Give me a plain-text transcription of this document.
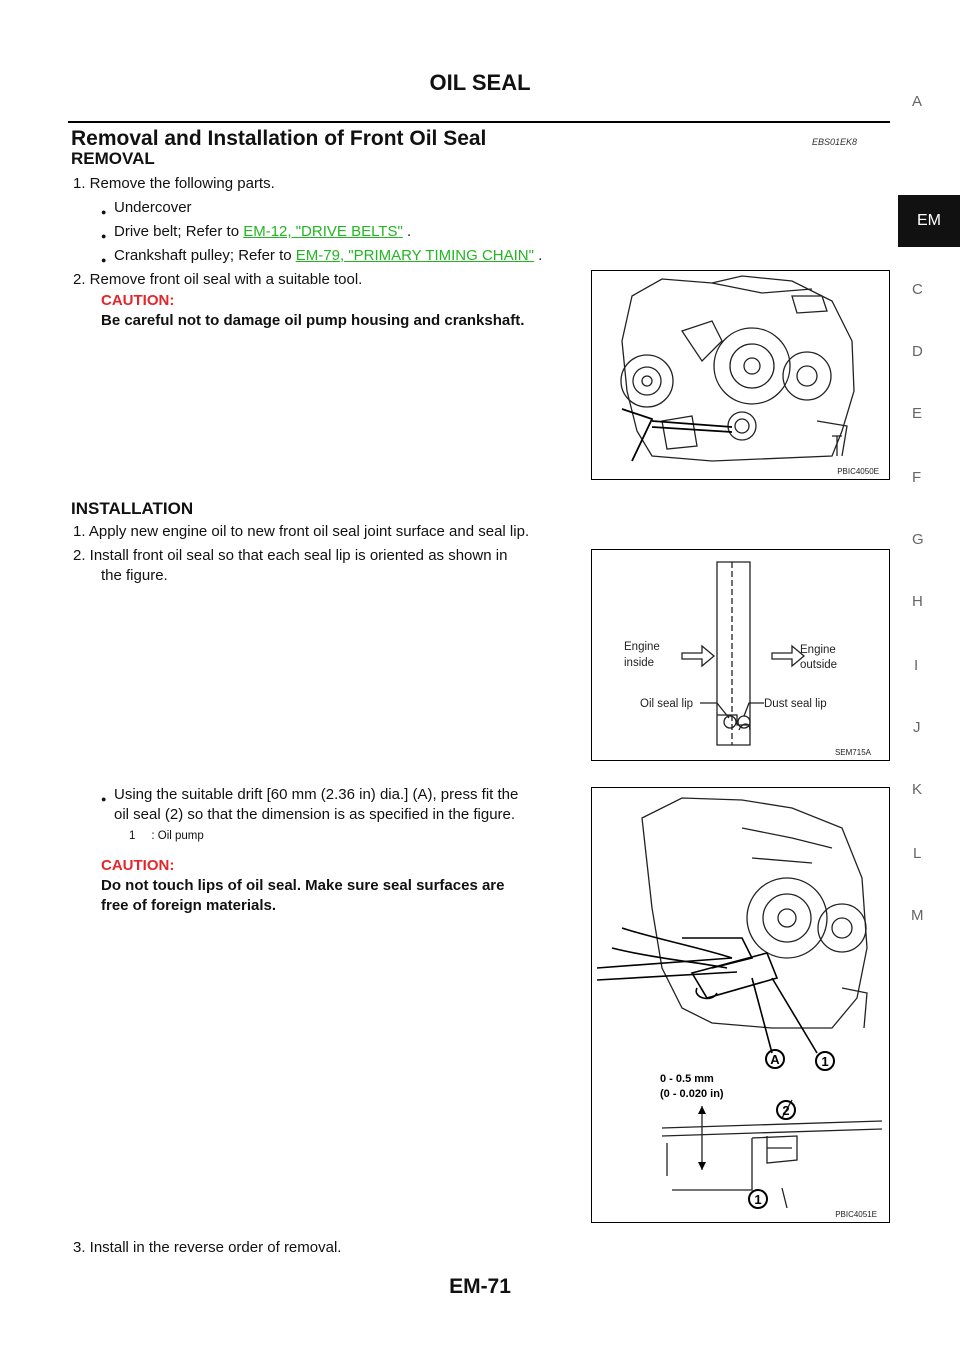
OIL SEAL
Removal and Installation of Front Oil Seal	EBS01EK8
REMOVAL
1. Remove the following parts.
● Undercover
● Drive belt; Refer to EM-12, "DRIVE BELTS" .
● Crankshaft pulley; Refer to EM-79, "PRIMARY TIMING CHAIN" .
2. Remove front oil seal with a suitable tool.
CAUTION:
Be careful not to damage oil pump housing and crankshaft.
PBIC4050E
INSTALLATION
1. Apply new engine oil to new front oil seal joint surface and seal lip.
2. Install front oil seal so that each seal lip is oriented as shown in
the figure.
Engine
inside
Engine
outside
Oil seal lip	Dust seal lip
SEM715A
● Using the suitable drift [60 mm (2.36 in) dia.] (A), press fit the
oil seal (2) so that the dimension is as specified in the figure.
1     : Oil pump
CAUTION:
Do not touch lips of oil seal. Make sure seal surfaces are
free of foreign materials.
A	1
2
1
0 - 0.5 mm
(0 - 0.020 in)
PBIC4051E
3. Install in the reverse order of removal.
A
EM
C
D
E
F
G
H
I
J
K
L
M
EM-71
